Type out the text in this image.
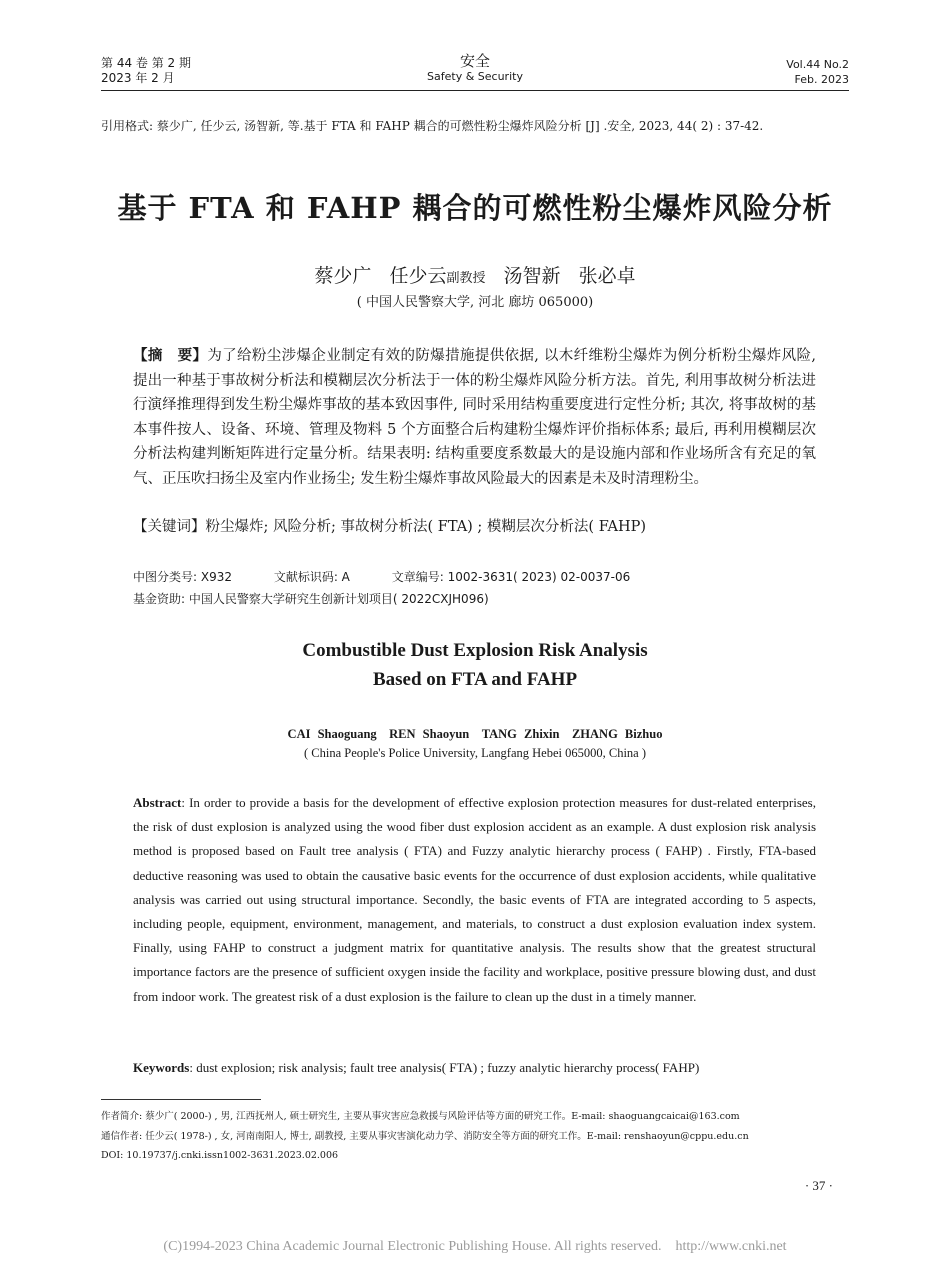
第 44 卷 第 2 期
2023 年 2 月
安全
Safety & Security
Vol.44 No.2
Feb. 2023
引用格式: 蔡少广, 任少云, 汤智新, 等.基于 FTA 和 FAHP 耦合的可燃性粉尘爆炸风险分析 [J] .安全, 2023, 44( 2) : 37-42.
基于 FTA 和 FAHP 耦合的可燃性粉尘爆炸风险分析
蔡少广 任少云副教授 汤智新 张必卓
( 中国人民警察大学, 河北 廊坊 065000)
【摘　要】为了给粉尘涉爆企业制定有效的防爆措施提供依据, 以木纤维粉尘爆炸为例分析粉尘爆炸风险, 提出一种基于事故树分析法和模糊层次分析法于一体的粉尘爆炸风险分析方法。首先, 利用事故树分析法进行演绎推理得到发生粉尘爆炸事故的基本致因事件, 同时采用结构重要度进行定性分析; 其次, 将事故树的基本事件按人、设备、环境、管理及物料 5 个方面整合后构建粉尘爆炸评价指标体系; 最后, 再利用模糊层次分析法构建判断矩阵进行定量分析。结果表明: 结构重要度系数最大的是设施内部和作业场所含有充足的氧气、正压吹扫扬尘及室内作业扬尘; 发生粉尘爆炸事故风险最大的因素是未及时清理粉尘。
【关键词】粉尘爆炸; 风险分析; 事故树分析法( FTA) ; 模糊层次分析法( FAHP)
中图分类号: X932	文献标识码: A	文章编号: 1002-3631( 2023) 02-0037-06
基金资助: 中国人民警察大学研究生创新计划项目( 2022CXJH096)
Combustible Dust Explosion Risk Analysis
Based on FTA and FAHP
CAI Shaoguang　REN Shaoyun　TANG Zhixin　ZHANG Bizhuo
( China People's Police University, Langfang Hebei 065000, China )
Abstract: In order to provide a basis for the development of effective explosion protection measures for dust-related enterprises, the risk of dust explosion is analyzed using the wood fiber dust explosion accident as an example. A dust explosion risk analysis method is proposed based on Fault tree analysis ( FTA) and Fuzzy analytic hierarchy process ( FAHP) . Firstly, FTA-based deductive reasoning was used to obtain the causative basic events for the occurrence of dust explosion accidents, while qualitative analysis was carried out using structural importance. Secondly, the basic events of FTA are integrated according to 5 aspects, including people, equipment, environment, management, and materials, to construct a dust explosion evaluation index system. Finally, using FAHP to construct a judgment matrix for quantitative analysis. The results show that the greatest structural importance factors are the presence of sufficient oxygen inside the facility and workplace, positive pressure blowing dust, and dust from indoor work. The greatest risk of a dust explosion is the failure to clean up the dust in a timely manner.
Keywords: dust explosion; risk analysis; fault tree analysis( FTA) ; fuzzy analytic hierarchy process( FAHP)
作者简介: 蔡少广( 2000-) , 男, 江西抚州人, 硕士研究生, 主要从事灾害应急救援与风险评估等方面的研究工作。E-mail: shaoguangcaicai@163.com
通信作者: 任少云( 1978-) , 女, 河南南阳人, 博士, 副教授, 主要从事灾害演化动力学、消防安全等方面的研究工作。E-mail: renshaoyun@cppu.edu.cn
DOI: 10.19737/j.cnki.issn1002-3631.2023.02.006
· 37 ·
(C)1994-2023 China Academic Journal Electronic Publishing House. All rights reserved.　http://www.cnki.net
